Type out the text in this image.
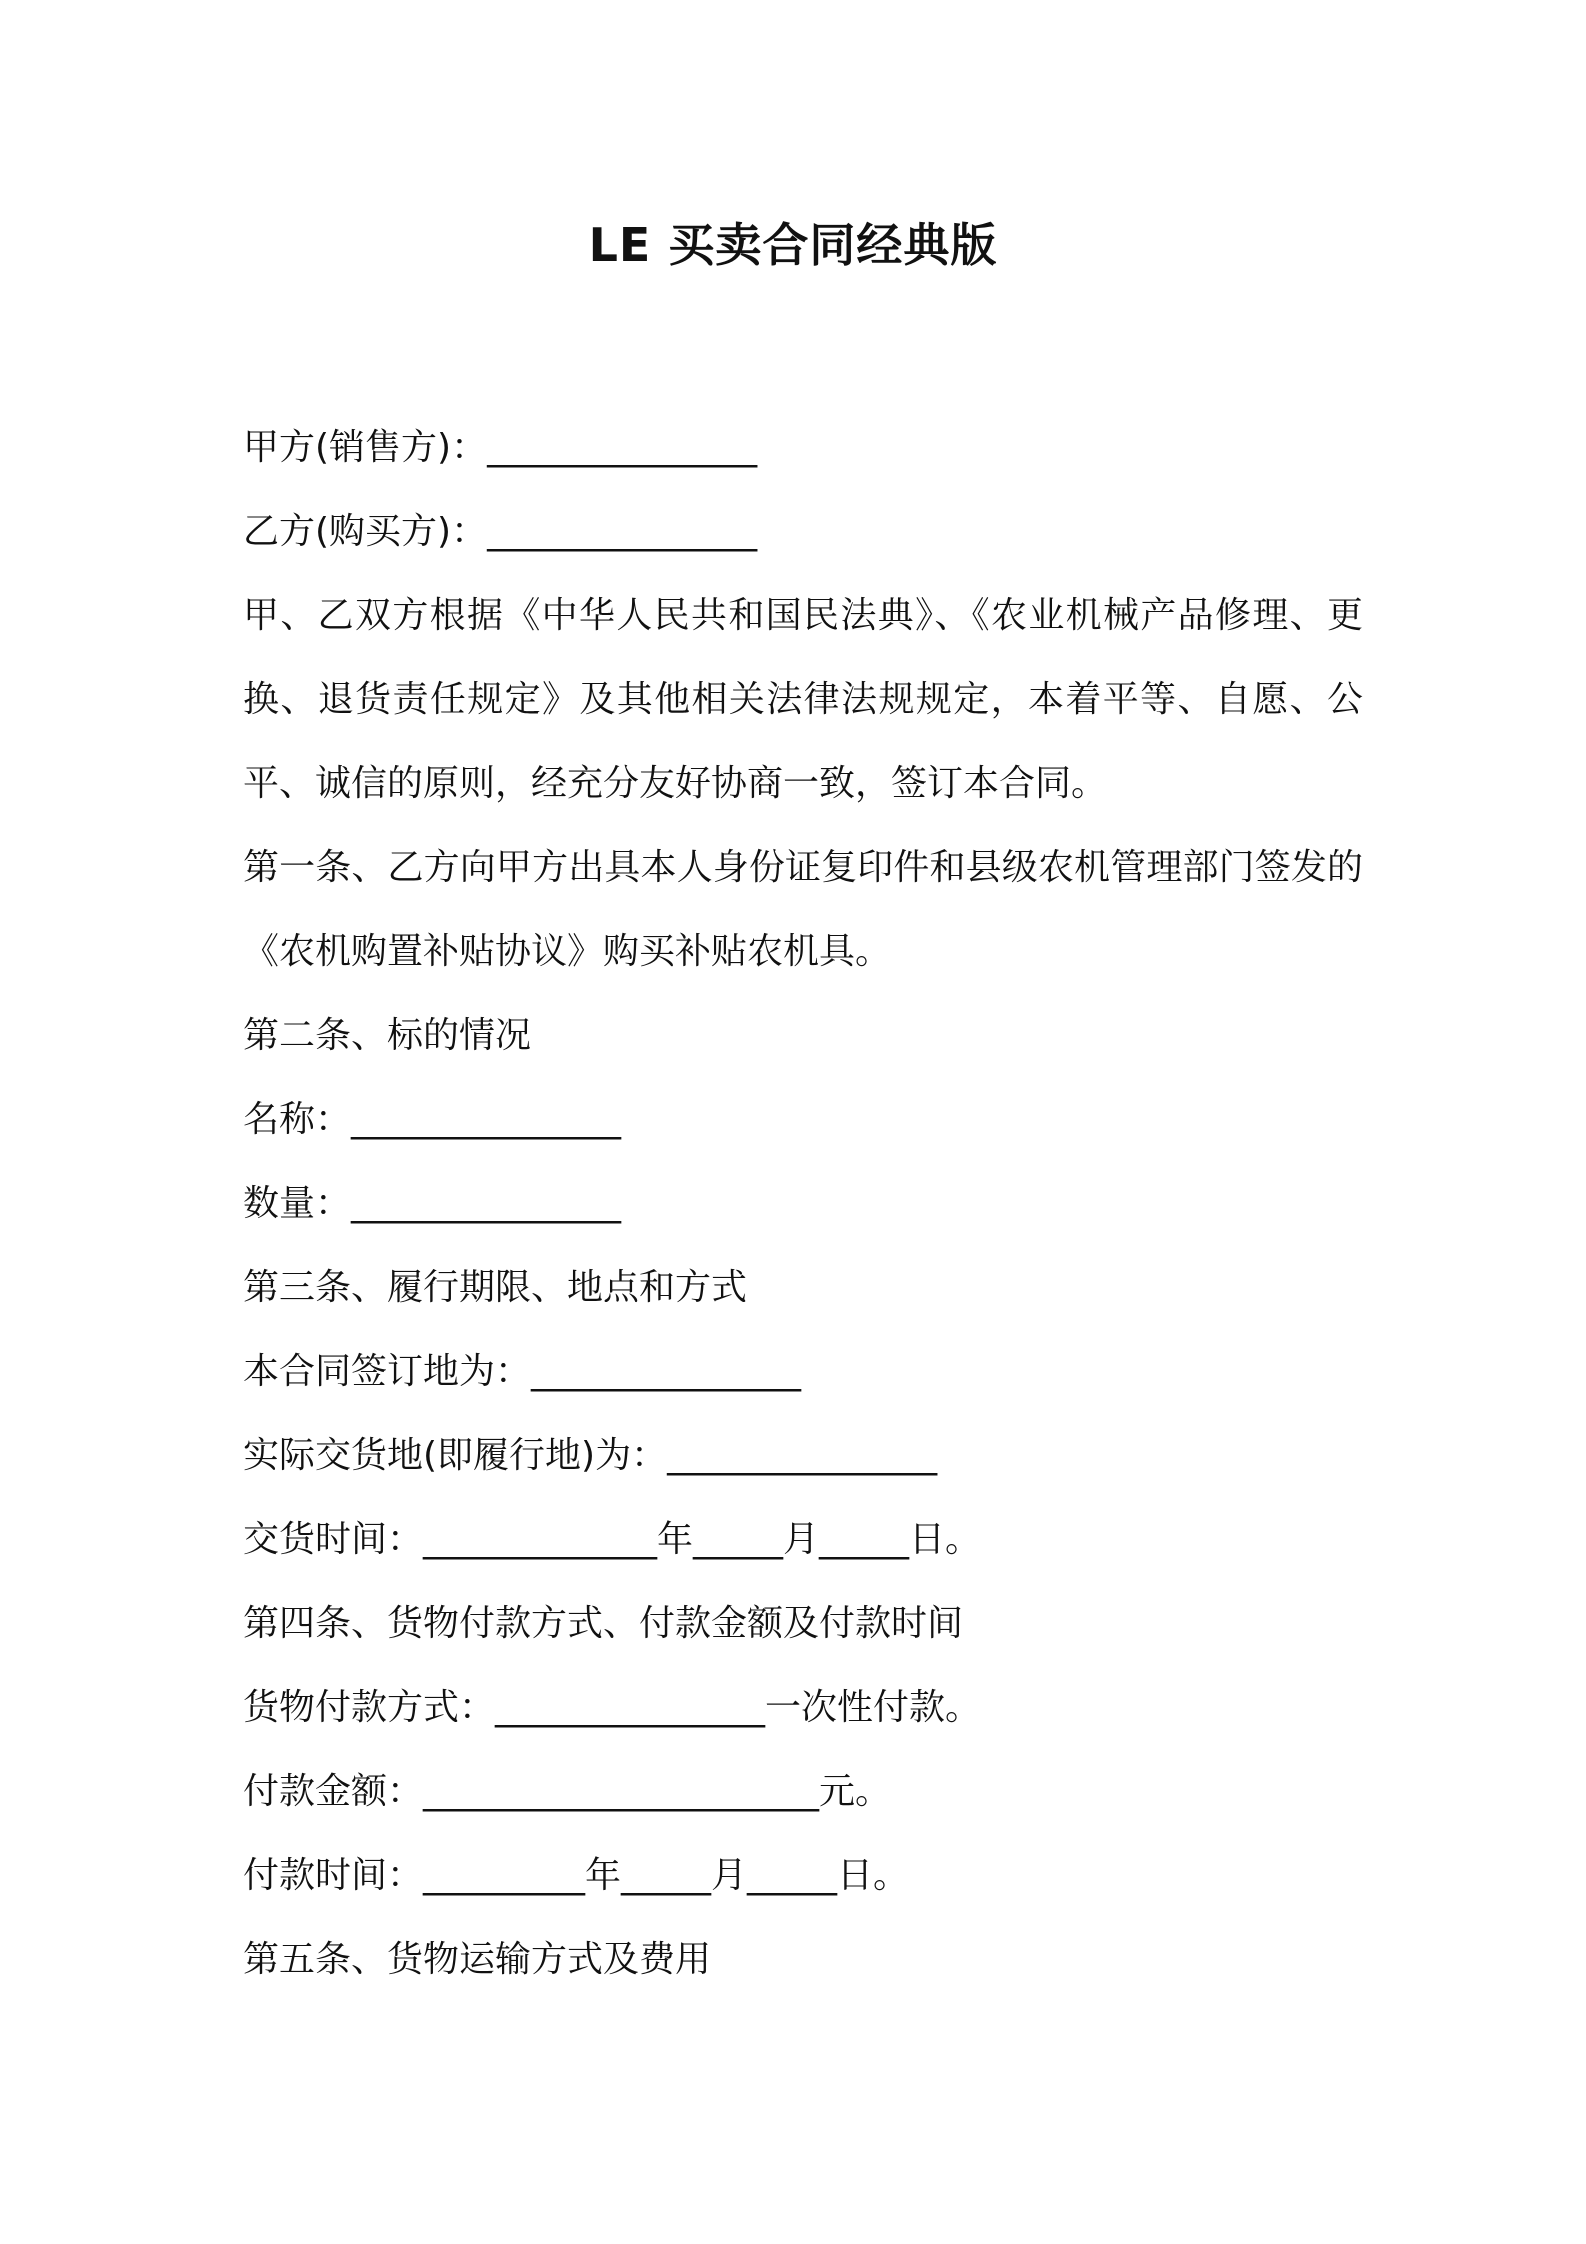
LE 买卖合同经典版
甲方(销售方)：_______________
乙方(购买方)：_______________
甲、乙双方根据《中华人民共和国民法典》、《农业机械产品修理、更换、退货责任规定》及其他相关法律法规规定，本着平等、自愿、公平、诚信的原则，经充分友好协商一致，签订本合同。
第一条、乙方向甲方出具本人身份证复印件和县级农机管理部门签发的《农机购置补贴协议》购买补贴农机具。
第二条、标的情况
名称：_______________
数量：_______________
第三条、履行期限、地点和方式
本合同签订地为：_______________
实际交货地(即履行地)为：_______________
交货时间：_____________年_____月_____日。
第四条、货物付款方式、付款金额及付款时间
货物付款方式：_______________一次性付款。
付款金额：______________________元。
付款时间：_________年_____月_____日。
第五条、货物运输方式及费用
